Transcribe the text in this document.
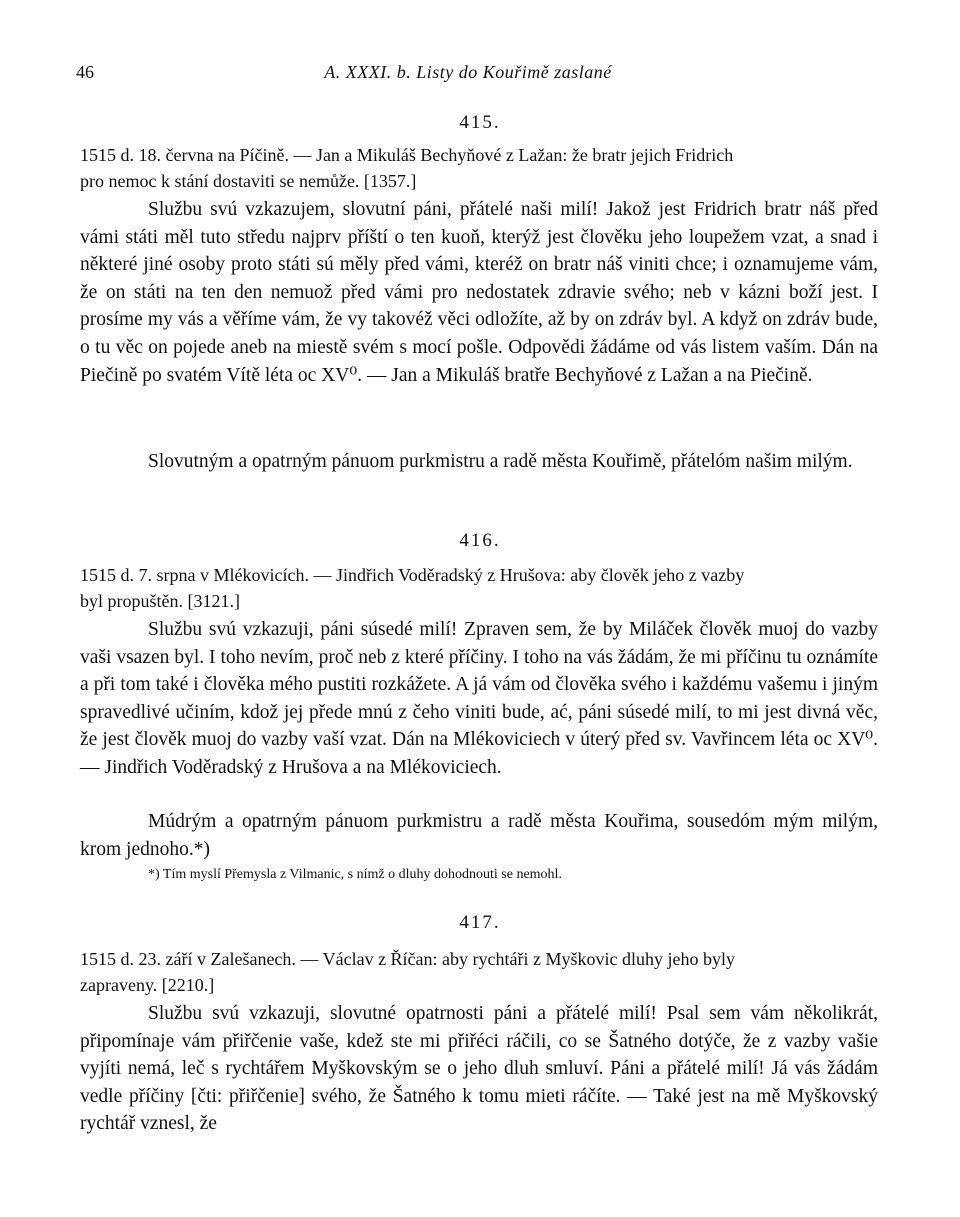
46	A. XXXI. b. Listy do Kouřimě zaslané
415.
1515 d. 18. června na Píčině. — Jan a Mikuláš Bechyňové z Lažan: že bratr jejich Fridrich
pro nemoc k stání dostaviti se nemůže. [1357.]

Službu svú vzkazujem, slovutní páni, přátelé naši milí! Jakož jest Fridrich bratr náš před vámi státi měl tuto středu najprv příští o ten kuoň, kterýž jest člověku jeho loupežem vzat, a snad i některé jiné osoby proto státi sú měly před vámi, kteréž on bratr náš viniti chce; i oznamujeme vám, že on státi na ten den nemuož před vámi pro nedostatek zdravie svého; neb v kázni boží jest. I prosíme my vás a věříme vám, že vy takovéž věci odložíte, až by on zdráv byl. A když on zdráv bude, o tu věc on pojede aneb na miestě svém s mocí pošle. Odpovědi žádáme od vás listem vaším. Dán na Piečině po svatém Vítě léta oc XV⁰. — Jan a Mikuláš bratře Bechyňové z Lažan a na Piečině.

Slovutným a opatrným pánuom purkmistru a radě města Kouřimě, přátelóm našim milým.

416.
1515 d. 7. srpna v Mlékovicích. — Jindřich Voděradský z Hrušova: aby člověk jeho z vazby
byl propuštěn. [3121.]

Službu svú vzkazuji, páni súsedé milí! Zpraven sem, že by Miláček člověk muoj do vazby vaši vsazen byl. I toho nevím, proč neb z které příčiny. I toho na vás žádám, že mi příčinu tu oznámíte a při tom také i člověka mého pustiti rozkážete. A já vám od člověka svého i každému vašemu i jiným spravedlivé učiním, kdož jej přede mnú z čeho viniti bude, ać, páni súsedé milí, to mi jest divná věc, že jest člověk muoj do vazby vaší vzat. Dán na Mlékoviciech v úterý před sv. Vavřincem léta oc XV⁰. — Jindřich Voděradský z Hrušova a na Mlékoviciech.

Múdrým a opatrným pánuom purkmistru a radě města Kouřima, sousedóm mým milým, krom jednoho.*)

*) Tím myslí Přemysla z Vilmanic, s nímž o dluhy dohodnouti se nemohl.
417.
1515 d. 23. září v Zalešanech. — Václav z Říčan: aby rychtáři z Myškovic dluhy jeho byly
zapraveny. [2210.]

Službu svú vzkazuji, slovutné opatrnosti páni a přátelé milí! Psal sem vám několikrát, připomínaje vám přiřčenie vaše, kdež ste mi přiřéci ráčili, co se Šatného dotýče, že z vazby vašie vyjíti nemá, leč s rychtářem Myškovským se o jeho dluh smluví. Páni a přátelé milí! Já vás žádám vedle příčiny [čti: přiřčenie] svého, že Šatného k tomu mieti ráčíte. — Také jest na mě Myškovský rychtář vznesl, že
